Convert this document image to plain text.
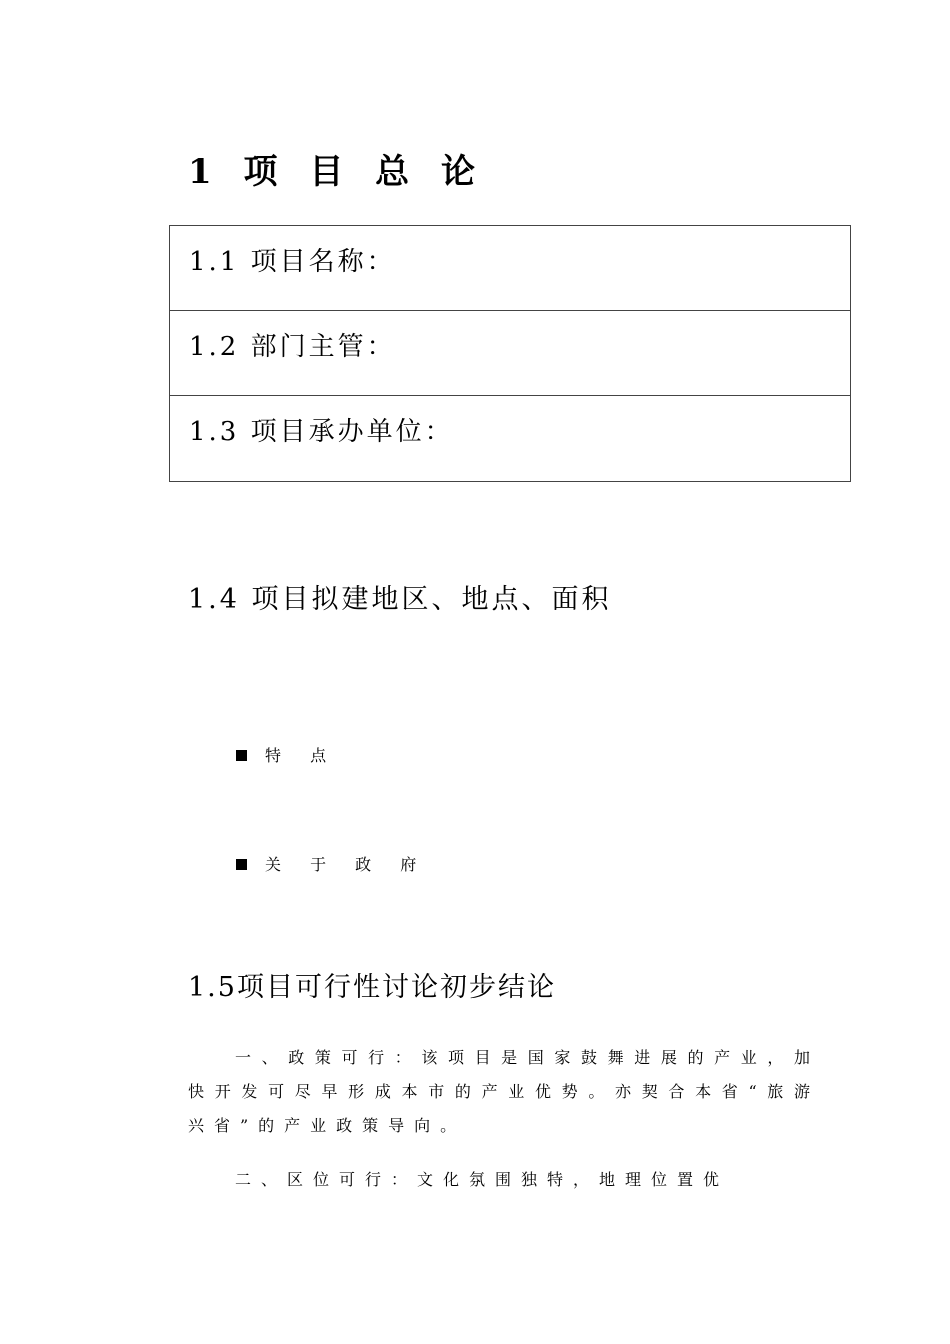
1 项 目 总 论
1.1 项目名称：
1.2 部门主管：
1.3 项目承办单位：
1.4 项目拟建地区、地点、面积
特 点
关 于 政 府
1.5项目可行性讨论初步结论

一、政策可行：该项目是国家鼓舞进展的产业，加快开发可尽早形成本市的产业优势。亦契合本省“旅游兴省”的产业政策导向。

二、区位可行：文化氛围独特，地理位置优
